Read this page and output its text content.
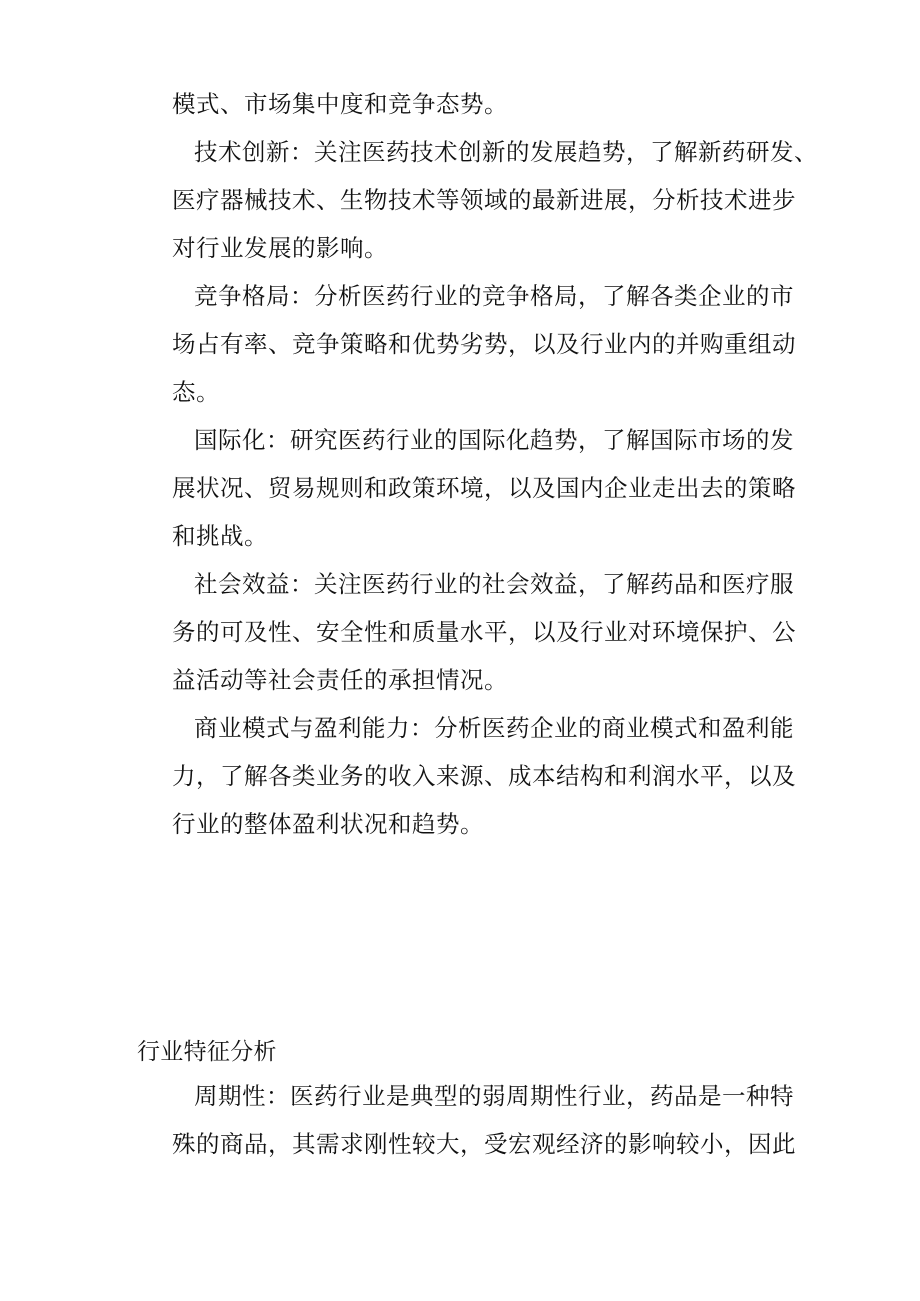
模式、市场集中度和竞争态势。
技术创新：关注医药技术创新的发展趋势，了解新药研发、
医疗器械技术、生物技术等领域的最新进展，分析技术进步
对行业发展的影响。
竞争格局：分析医药行业的竞争格局，了解各类企业的市
场占有率、竞争策略和优势劣势，以及行业内的并购重组动
态。
国际化：研究医药行业的国际化趋势，了解国际市场的发
展状况、贸易规则和政策环境，以及国内企业走出去的策略
和挑战。
社会效益：关注医药行业的社会效益，了解药品和医疗服
务的可及性、安全性和质量水平，以及行业对环境保护、公
益活动等社会责任的承担情况。
商业模式与盈利能力：分析医药企业的商业模式和盈利能
力，了解各类业务的收入来源、成本结构和利润水平，以及
行业的整体盈利状况和趋势。
行业特征分析
周期性：医药行业是典型的弱周期性行业，药品是一种特
殊的商品，其需求刚性较大，受宏观经济的影响较小，因此
